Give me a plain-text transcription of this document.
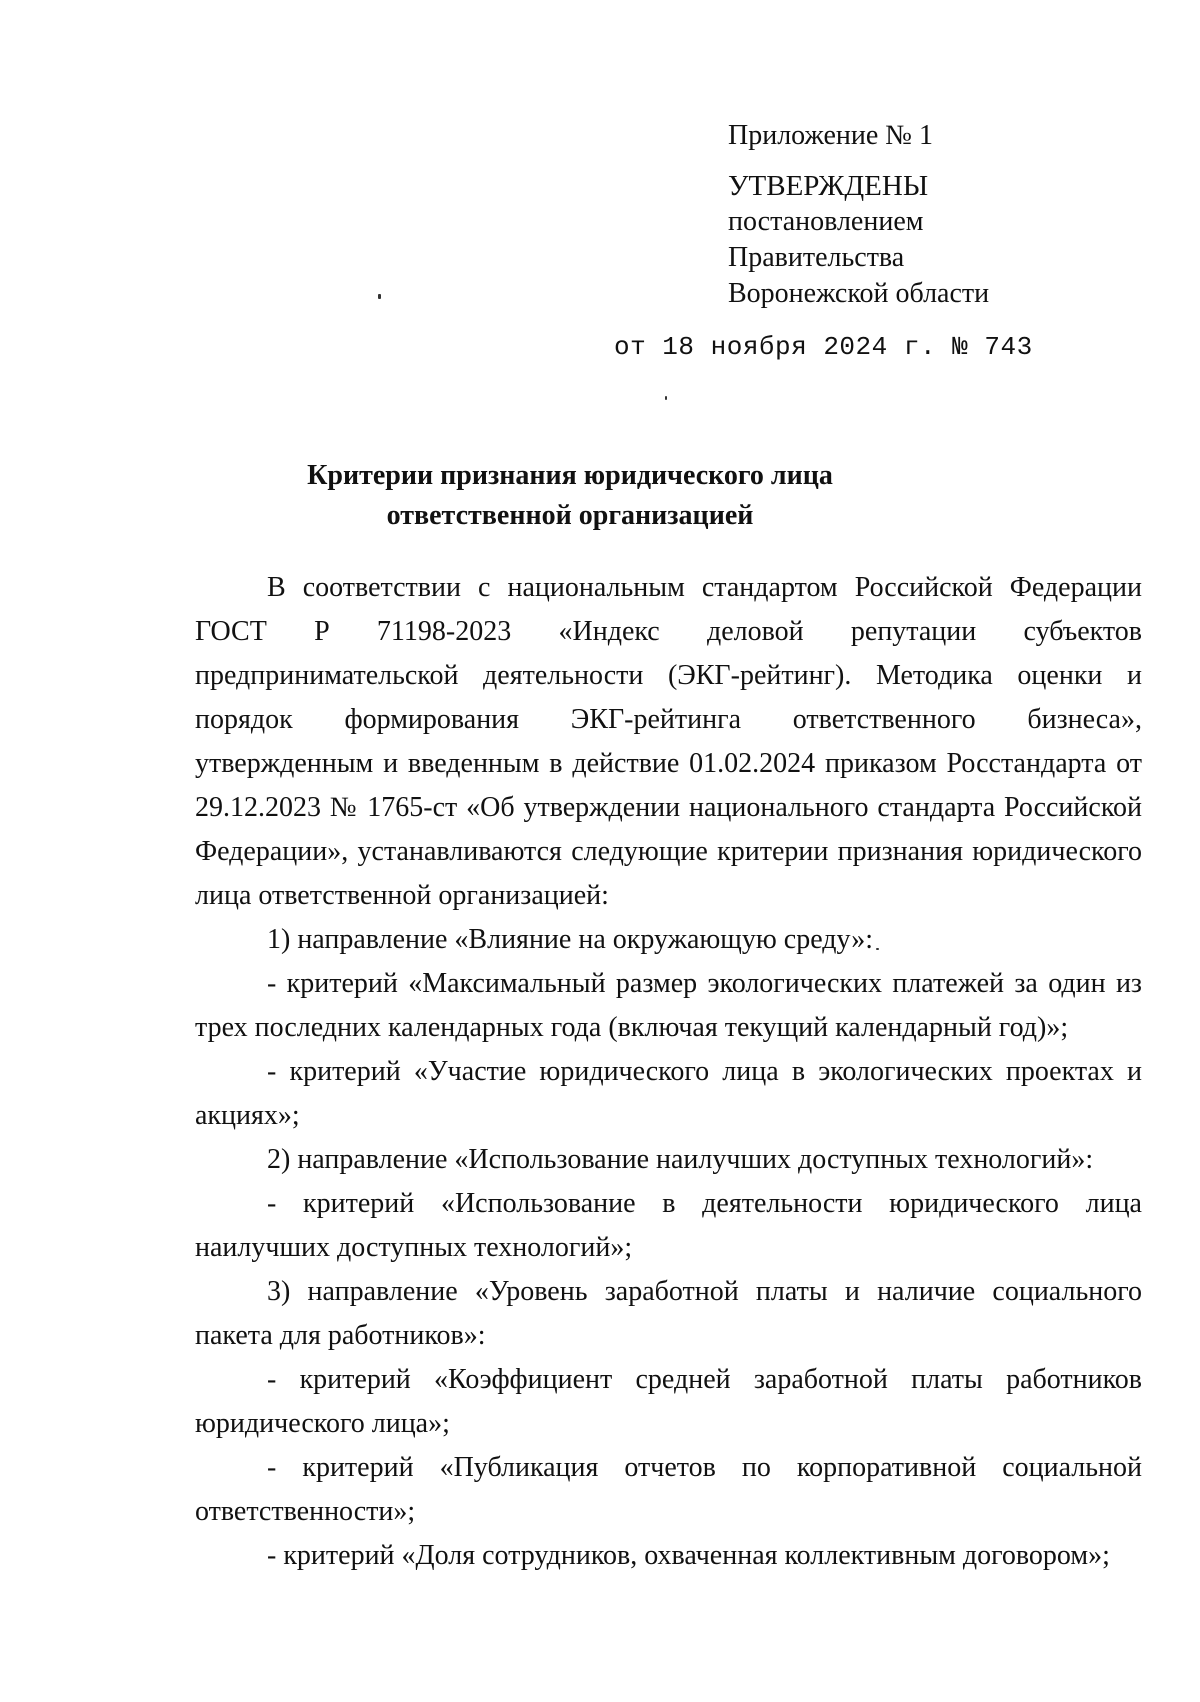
Приложение № 1
УТВЕРЖДЕНЫ
постановлением
Правительства
Воронежской области
от 18 ноября 2024 г. № 743
Критерии признания юридического лица
ответственной организацией

В соответствии с национальным стандартом Российской Федерации ГОСТ Р 71198-2023 «Индекс деловой репутации субъектов предпринимательской деятельности (ЭКГ-рейтинг). Методика оценки и порядок формирования ЭКГ-рейтинга ответственного бизнеса», утвержденным и введенным в действие 01.02.2024 приказом Росстандарта от 29.12.2023 № 1765-ст «Об утверждении национального стандарта Российской Федерации», устанавливаются следующие критерии признания юридического лица ответственной организацией:

1) направление «Влияние на окружающую среду»:

- критерий «Максимальный размер экологических платежей за один из трех последних календарных года (включая текущий календарный год)»;

- критерий «Участие юридического лица в экологических проектах и акциях»;

2) направление «Использование наилучших доступных технологий»:

- критерий «Использование в деятельности юридического лица наилучших доступных технологий»;

3) направление «Уровень заработной платы и наличие социального пакета для работников»:

- критерий «Коэффициент средней заработной платы работников юридического лица»;

- критерий «Публикация отчетов по корпоративной социальной ответственности»;

- критерий «Доля сотрудников, охваченная коллективным договором»;
